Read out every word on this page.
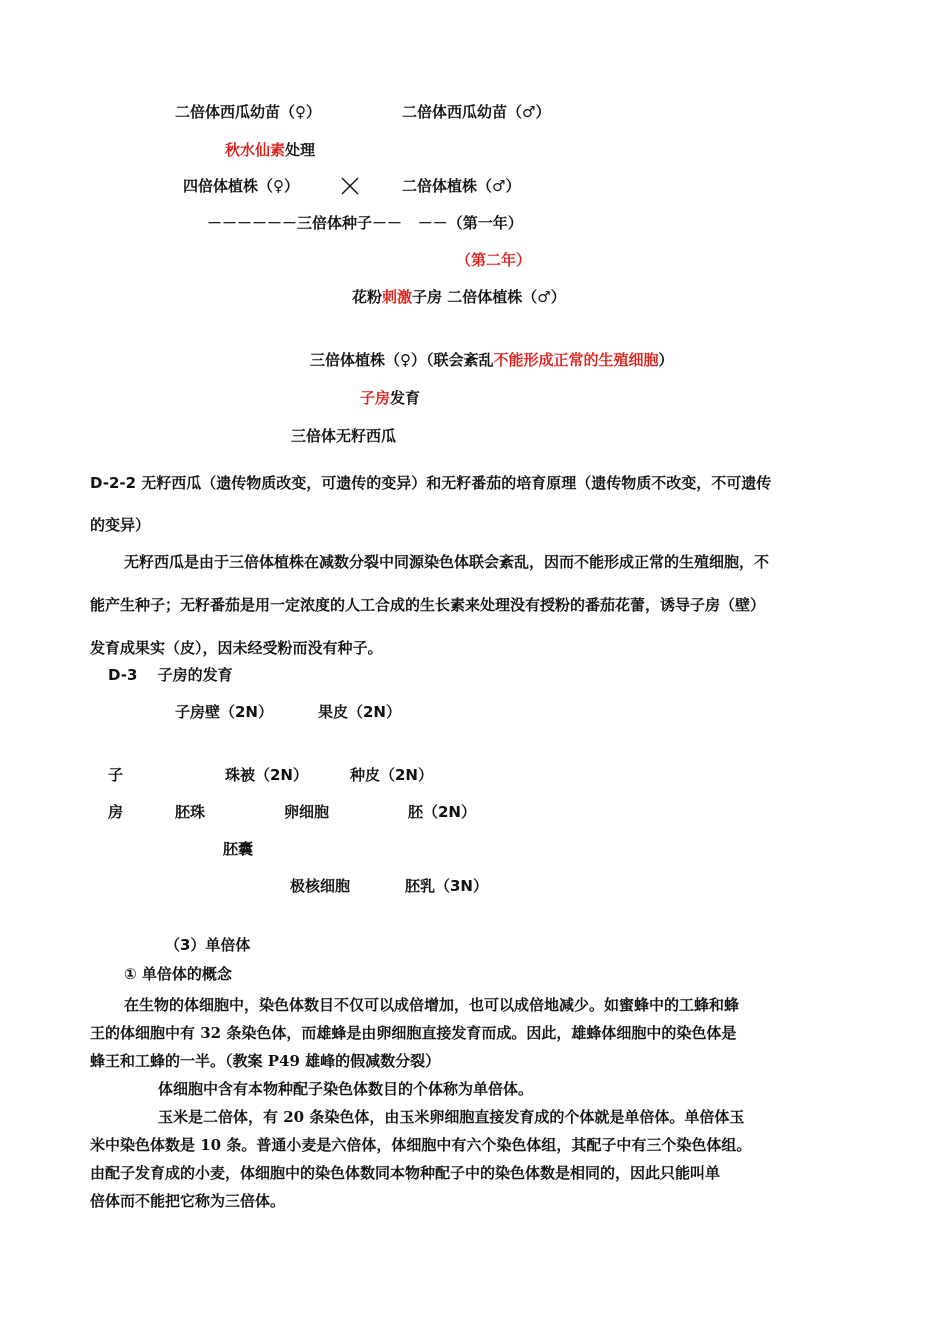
二倍体西瓜幼苗（♀）	二倍体西瓜幼苗（♂）
秋水仙素处理
四倍体植株（♀）	二倍体植株（♂）
－－－－－－三倍体种子－－   －－（第一年）
（第二年）
花粉刺激子房 二倍体植株（♂）
三倍体植株（♀）（联会紊乱不能形成正常的生殖细胞）
子房发育
三倍体无籽西瓜
D-2-2 无籽西瓜（遗传物质改变，可遗传的变异）和无籽番茄的培育原理（遗传物质不改变，不可遗传
的变异）
无籽西瓜是由于三倍体植株在减数分裂中同源染色体联会紊乱，因而不能形成正常的生殖细胞，不
能产生种子；无籽番茄是用一定浓度的人工合成的生长素来处理没有授粉的番茄花蕾，诱导子房（壁）
发育成果实（皮），因未经受粉而没有种子。
D-3　 子房的发育
子房壁（2N）	果皮（2N）
子	珠被（2N）	种皮（2N）
房	胚珠	卵细胞	胚（2N）
胚囊
极核细胞	胚乳（3N）
（3）单倍体
① 单倍体的概念
在生物的体细胞中，染色体数目不仅可以成倍增加，也可以成倍地减少。如蜜蜂中的工蜂和蜂
王的体细胞中有 32 条染色体，而雄蜂是由卵细胞直接发育而成。因此，雄蜂体细胞中的染色体是
蜂王和工蜂的一半。（教案 P49 雄峰的假减数分裂）
体细胞中含有本物种配子染色体数目的个体称为单倍体。
玉米是二倍体，有 20 条染色体，由玉米卵细胞直接发育成的个体就是单倍体。单倍体玉
米中染色体数是 10 条。普通小麦是六倍体，体细胞中有六个染色体组，其配子中有三个染色体组。
由配子发育成的小麦，体细胞中的染色体数同本物种配子中的染色体数是相同的，因此只能叫单
倍体而不能把它称为三倍体。
